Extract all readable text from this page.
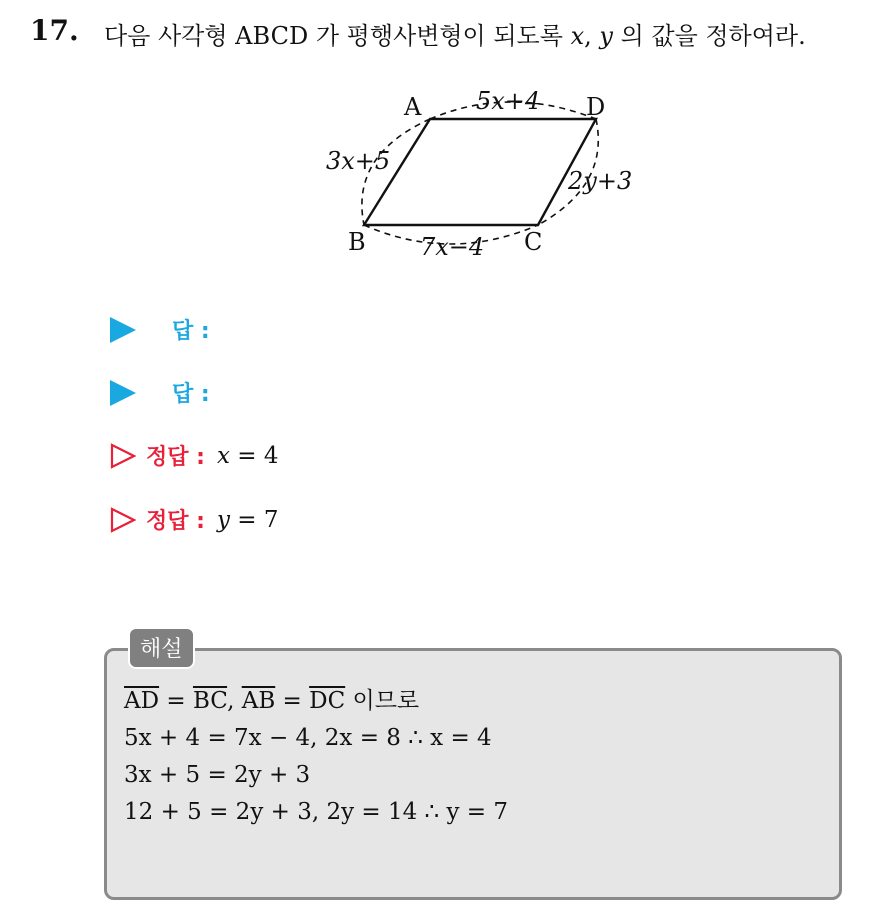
17. 다음 사각형 ABCD 가 평행사변형이 되도록 x, y 의 값을 정하여라.
A	D
B	C
5x+4
3x+5
2y+3
7x−4
답 :
답 :
정답 : x = 4
정답 : y = 7
해설
$\overline{AD} = \overline{BC}$, $\overline{AB} = \overline{DC}$ 이므로
5x + 4 = 7x − 4, 2x = 8 ∴ x = 4
3x + 5 = 2y + 3
12 + 5 = 2y + 3, 2y = 14 ∴ y = 7
